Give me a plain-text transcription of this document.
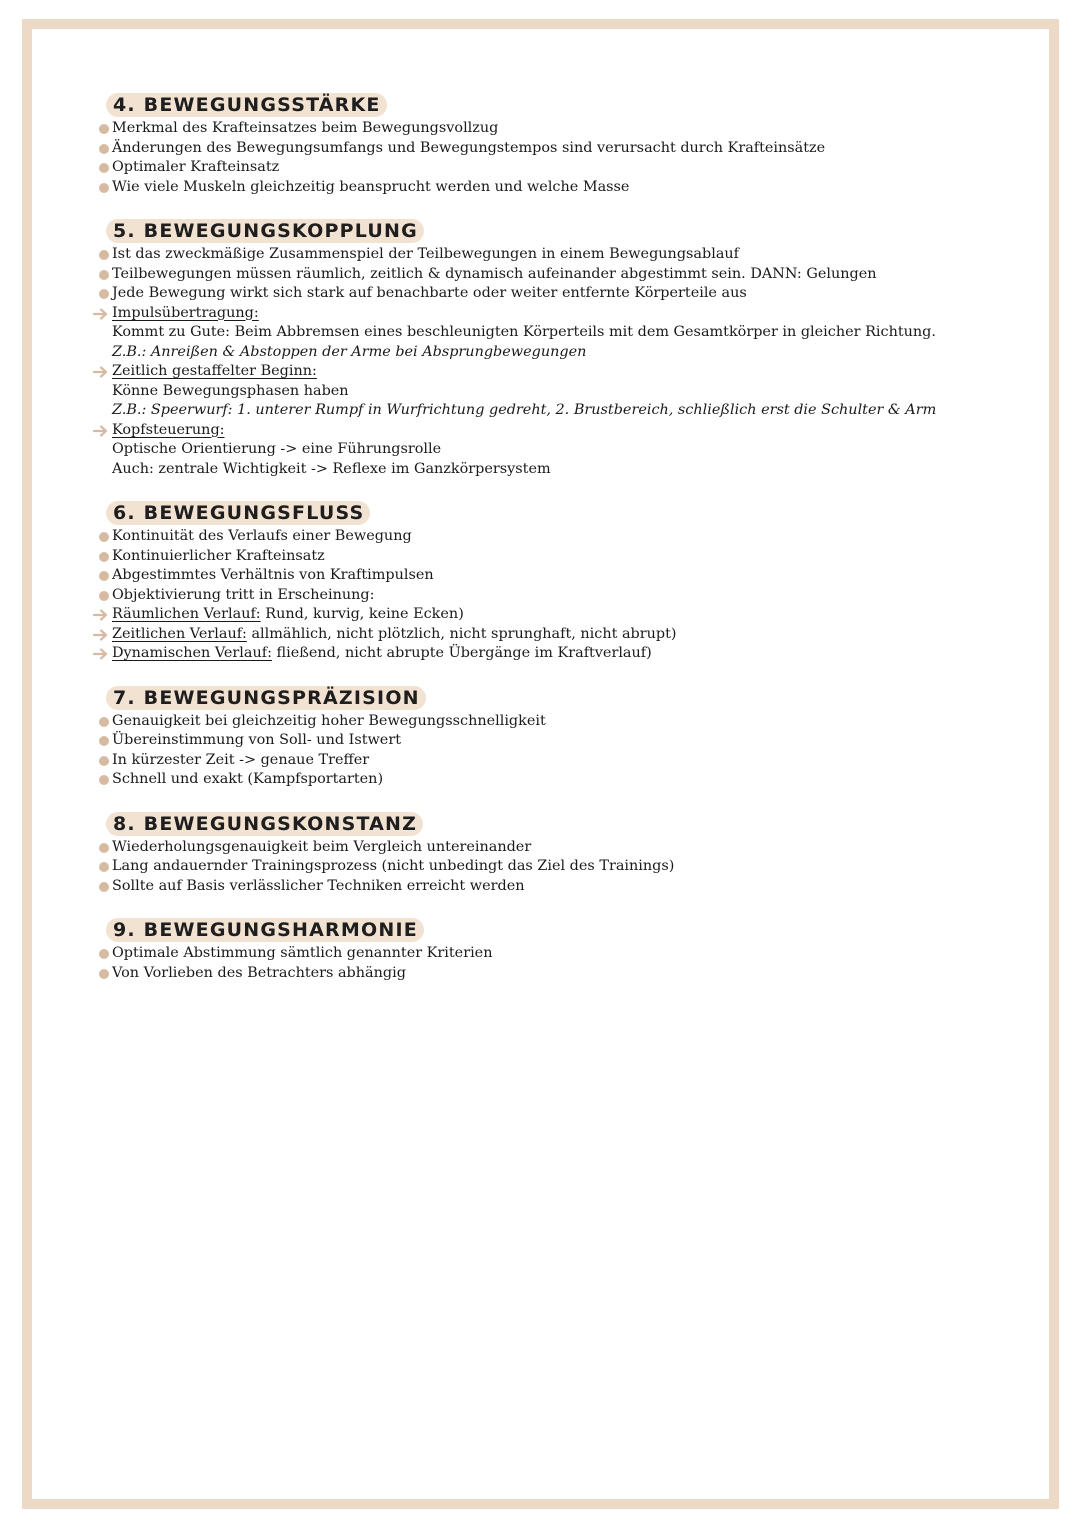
4. BEWEGUNGSSTÄRKE
Merkmal des Krafteinsatzes beim Bewegungsvollzug
Änderungen des Bewegungsumfangs und Bewegungstempos sind verursacht durch Krafteinsätze
Optimaler Krafteinsatz
Wie viele Muskeln gleichzeitig beansprucht werden und welche Masse
5. BEWEGUNGSKOPPLUNG
Ist das zweckmäßige Zusammenspiel der Teilbewegungen in einem Bewegungsablauf
Teilbewegungen müssen räumlich, zeitlich & dynamisch aufeinander abgestimmt sein. DANN: Gelungen
Jede Bewegung wirkt sich stark auf benachbarte oder weiter entfernte Körperteile aus
Impulsübertragung:
Kommt zu Gute: Beim Abbremsen eines beschleunigten Körperteils mit dem Gesamtkörper in gleicher Richtung.
Z.B.: Anreißen & Abstoppen der Arme bei Absprungbewegungen
Zeitlich gestaffelter Beginn:
Könne Bewegungsphasen haben
Z.B.: Speerwurf: 1. unterer Rumpf in Wurfrichtung gedreht, 2. Brustbereich, schließlich erst die Schulter & Arm
Kopfsteuerung:
Optische Orientierung -> eine Führungsrolle
Auch: zentrale Wichtigkeit -> Reflexe im Ganzkörpersystem
6. BEWEGUNGSFLUSS
Kontinuität des Verlaufs einer Bewegung
Kontinuierlicher Krafteinsatz
Abgestimmtes Verhältnis von Kraftimpulsen
Objektivierung tritt in Erscheinung:
Räumlichen Verlauf: Rund, kurvig, keine Ecken)
Zeitlichen Verlauf: allmählich, nicht plötzlich, nicht sprunghaft, nicht abrupt)
Dynamischen Verlauf: fließend, nicht abrupte Übergänge im Kraftverlauf)
7. BEWEGUNGSPRÄZISION
Genauigkeit bei gleichzeitig hoher Bewegungsschnelligkeit
Übereinstimmung von Soll- und Istwert
In kürzester Zeit -> genaue Treffer
Schnell und exakt (Kampfsportarten)
8. BEWEGUNGSKONSTANZ
Wiederholungsgenauigkeit beim Vergleich untereinander
Lang andauernder Trainingsprozess (nicht unbedingt das Ziel des Trainings)
Sollte auf Basis verlässlicher Techniken erreicht werden
9. BEWEGUNGSHARMONIE
Optimale Abstimmung sämtlich genannter Kriterien
Von Vorlieben des Betrachters abhängig
